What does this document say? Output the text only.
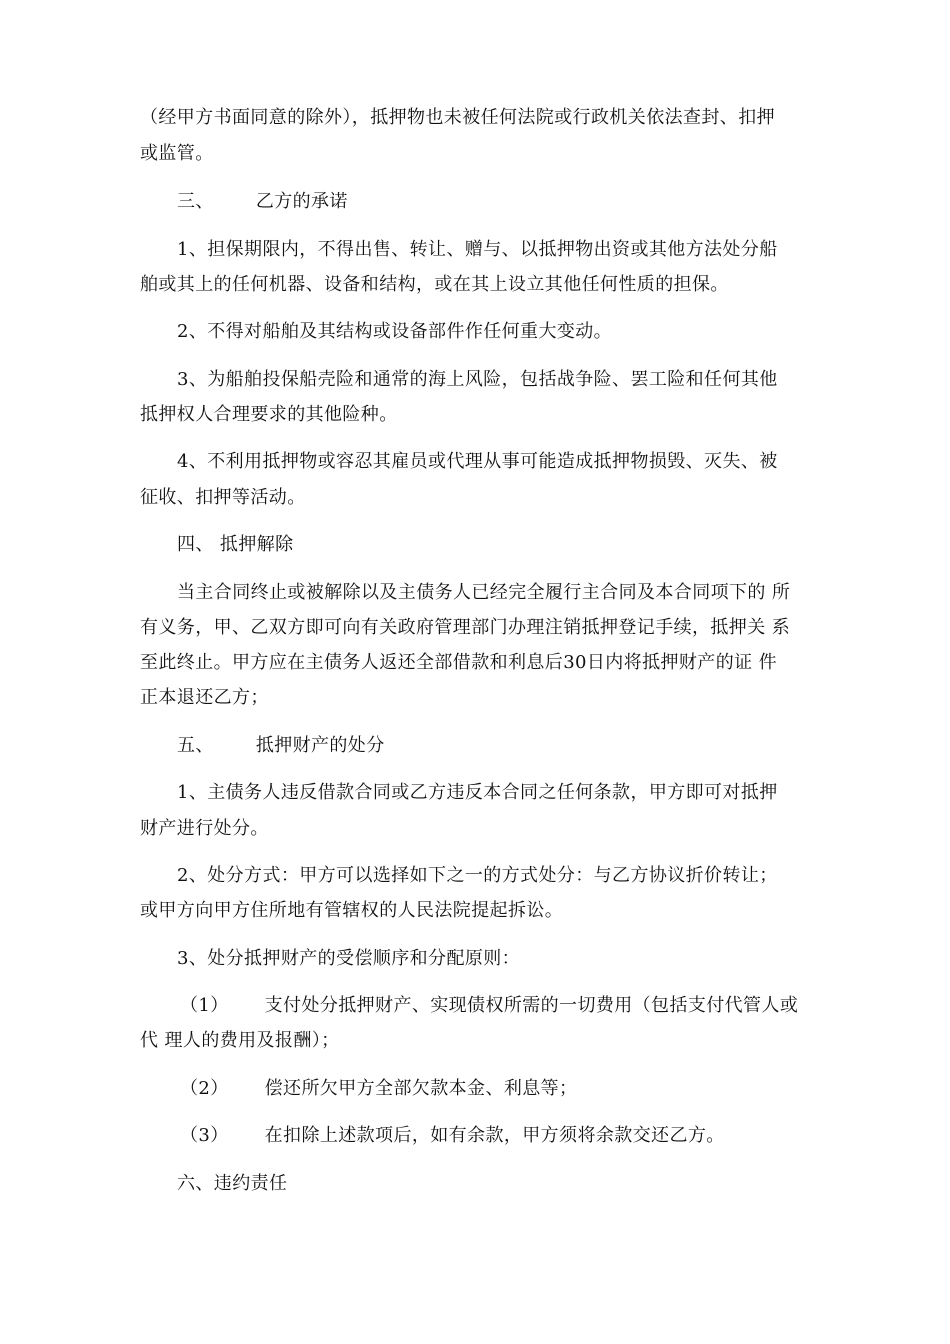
（经甲方书面同意的除外），抵押物也未被任何法院或行政机关依法查封、扣押
或监管。
三、 乙方的承诺
1、担保期限内，不得出售、转让、赠与、以抵押物出资或其他方法处分船
舶或其上的任何机器、设备和结构，或在其上设立其他任何性质的担保。
2、不得对船舶及其结构或设备部件作任何重大变动。
3、为船舶投保船壳险和通常的海上风险，包括战争险、罢工险和任何其他
抵押权人合理要求的其他险种。
4、不利用抵押物或容忍其雇员或代理从事可能造成抵押物损毁、灭失、被
征收、扣押等活动。
四、 抵押解除
当主合同终止或被解除以及主债务人已经完全履行主合同及本合同项下的 所
有义务，甲、乙双方即可向有关政府管理部门办理注销抵押登记手续，抵押关 系
至此终止。甲方应在主债务人返还全部借款和利息后30日内将抵押财产的证 件
正本退还乙方；
五、 抵押财产的处分
1、主债务人违反借款合同或乙方违反本合同之任何条款，甲方即可对抵押
财产进行处分。
2、处分方式：甲方可以选择如下之一的方式处分：与乙方协议折价转让；
或甲方向甲方住所地有管辖权的人民法院提起拆讼。
3、处分抵押财产的受偿顺序和分配原则：
（1） 支付处分抵押财产、实现债权所需的一切费用（包括支付代管人或
代 理人的费用及报酬）；
（2） 偿还所欠甲方全部欠款本金、利息等；
（3） 在扣除上述款项后，如有余款，甲方须将余款交还乙方。
六、违约责任
